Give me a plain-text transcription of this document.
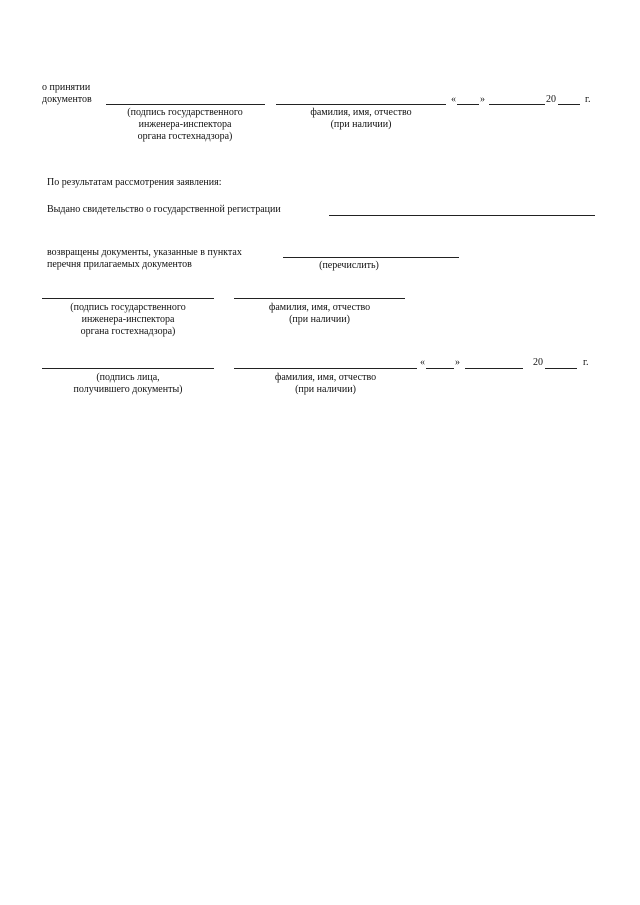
о принятии
документов	« »	20	г.
(подпись государственного
инженера-инспектора
органа гостехнадзора)
фамилия, имя, отчество
(при наличии)
По результатам рассмотрения заявления:
Выдано свидетельство о государственной регистрации
возвращены документы, указанные в пунктах
перечня прилагаемых документов	(перечислить)
(подпись государственного
инженера-инспектора
органа гостехнадзора)
фамилия, имя, отчество
(при наличии)
«	»	20	г.
(подпись лица,
получившего документы)
фамилия, имя, отчество
(при наличии)
